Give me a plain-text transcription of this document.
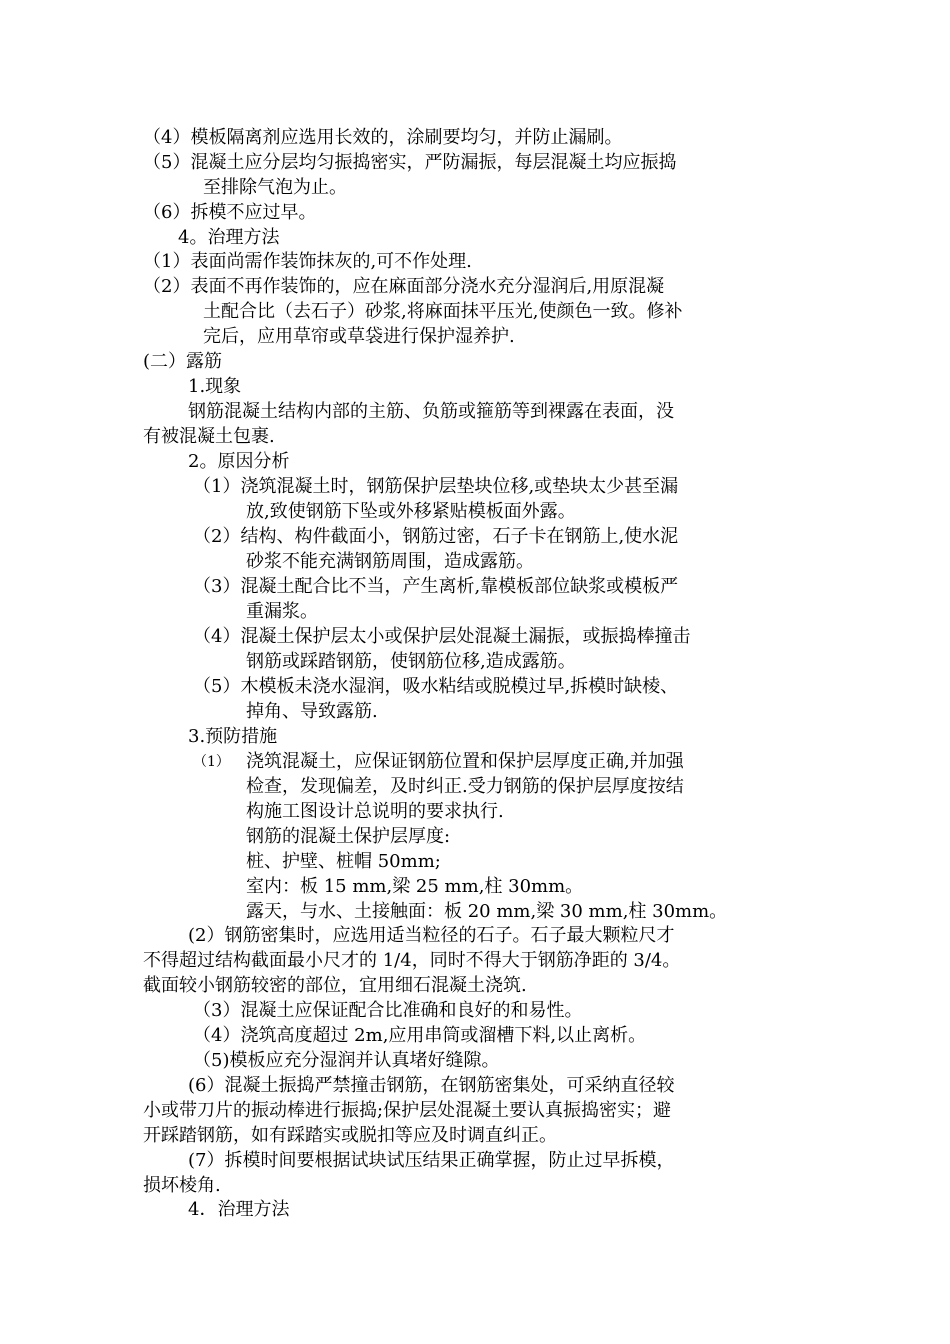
（4）模板隔离剂应选用长效的，涂刷要均匀，并防止漏刷。
（5）混凝土应分层均匀振捣密实，严防漏振，每层混凝土均应振捣
至排除气泡为止。
（6）拆模不应过早。
4。治理方法
（1）表面尚需作装饰抹灰的,可不作处理.
（2）表面不再作装饰的，应在麻面部分浇水充分湿润后,用原混凝
土配合比（去石子）砂浆,将麻面抹平压光,使颜色一致。修补
完后，应用草帘或草袋进行保护湿养护.
(二）露筋
1.现象
钢筋混凝土结构内部的主筋、负筋或箍筋等到裸露在表面，没
有被混凝土包裹.
2。原因分析
（1）浇筑混凝土时，钢筋保护层垫块位移,或垫块太少甚至漏
放,致使钢筋下坠或外移紧贴模板面外露。
（2）结构、构件截面小，钢筋过密，石子卡在钢筋上,使水泥
砂浆不能充满钢筋周围，造成露筋。
（3）混凝土配合比不当，产生离析,靠模板部位缺浆或模板严
重漏浆。
（4）混凝土保护层太小或保护层处混凝土漏振，或振捣棒撞击
钢筋或踩踏钢筋，使钢筋位移,造成露筋。
（5）木模板未浇水湿润，吸水粘结或脱模过早,拆模时缺棱、
掉角、导致露筋.
3.预防措施
（1） 浇筑混凝土，应保证钢筋位置和保护层厚度正确,并加强
检查，发现偏差，及时纠正.受力钢筋的保护层厚度按结
构施工图设计总说明的要求执行.
钢筋的混凝土保护层厚度:
桩、护壁、桩帽 50mm;
室内：板 15 mm,梁 25 mm,柱 30mm。
露天，与水、土接触面：板 20 mm,梁 30 mm,柱 30mm。
(2）钢筋密集时，应选用适当粒径的石子。石子最大颗粒尺才
不得超过结构截面最小尺才的 1/4，同时不得大于钢筋净距的 3/4。
截面较小钢筋较密的部位，宜用细石混凝土浇筑.
（3）混凝土应保证配合比准确和良好的和易性。
（4）浇筑高度超过 2m,应用串筒或溜槽下料,以止离析。
（5)模板应充分湿润并认真堵好缝隙。
(6）混凝土振捣严禁撞击钢筋，在钢筋密集处，可采纳直径较
小或带刀片的振动棒进行振捣;保护层处混凝土要认真振捣密实；避
开踩踏钢筋，如有踩踏实或脱扣等应及时调直纠正。
(7）拆模时间要根据试块试压结果正确掌握，防止过早拆模，
损坏棱角.
4．治理方法
